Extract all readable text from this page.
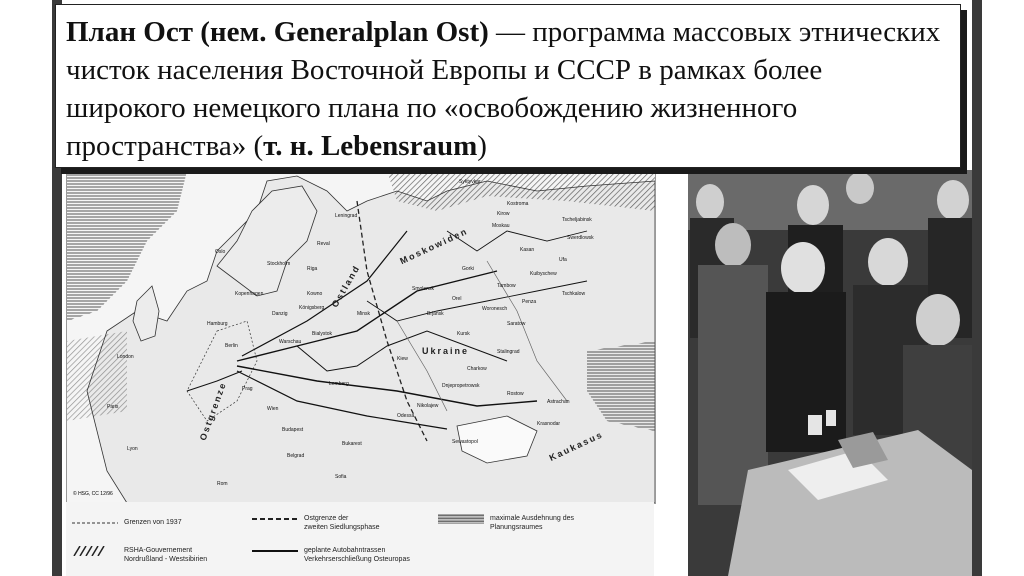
План Ост (нем. Generalplan Ost) — программа массовых этнических чисток населения Восточной Европы и СССР в рамках более широкого немецкого плана по «освобождению жизненного пространства» (т. н. Lebensraum)

Syktyvkar
Kostroma
Moskau
Tscheljabinsk
Ufa
Swerdlowsk
Kuibyschew
Tschkalow
Saratow
Stalingrad
Astrachan
Gorki
Kasan
Kirow
Leningrad
Reval
Riga
Kowno
Minsk
Smolensk
Brjansk
Orel
Kursk
Woronesch
Penza
Tambow
Charkow
Kiew
Dnjepropetrowsk
Odessa
Sewastopol
Rostow
Krasnodar
Nikolajew
Warschau
Lemberg
Berlin
Hamburg
Oslo
Stockholm
London
Paris
Prag
Wien
Budapest
Bukarest
Sofia
Belgrad
Rom
Lyon
Danzig
Königsberg
Bialystok
Kopenhagen
Moskowiden
Kaukasus
Ostland
Ostgrenze
Ukraine
© HSG, CC 12/96
Grenzen von 1937
Ostgrenze der
zweiten Siedlungsphase
maximale Ausdehnung des
Planungsraumes
RSHA-Gouvernement
Nordrußland - Westsibirien
geplante Autobahntrassen
Verkehrserschließung Osteuropas
